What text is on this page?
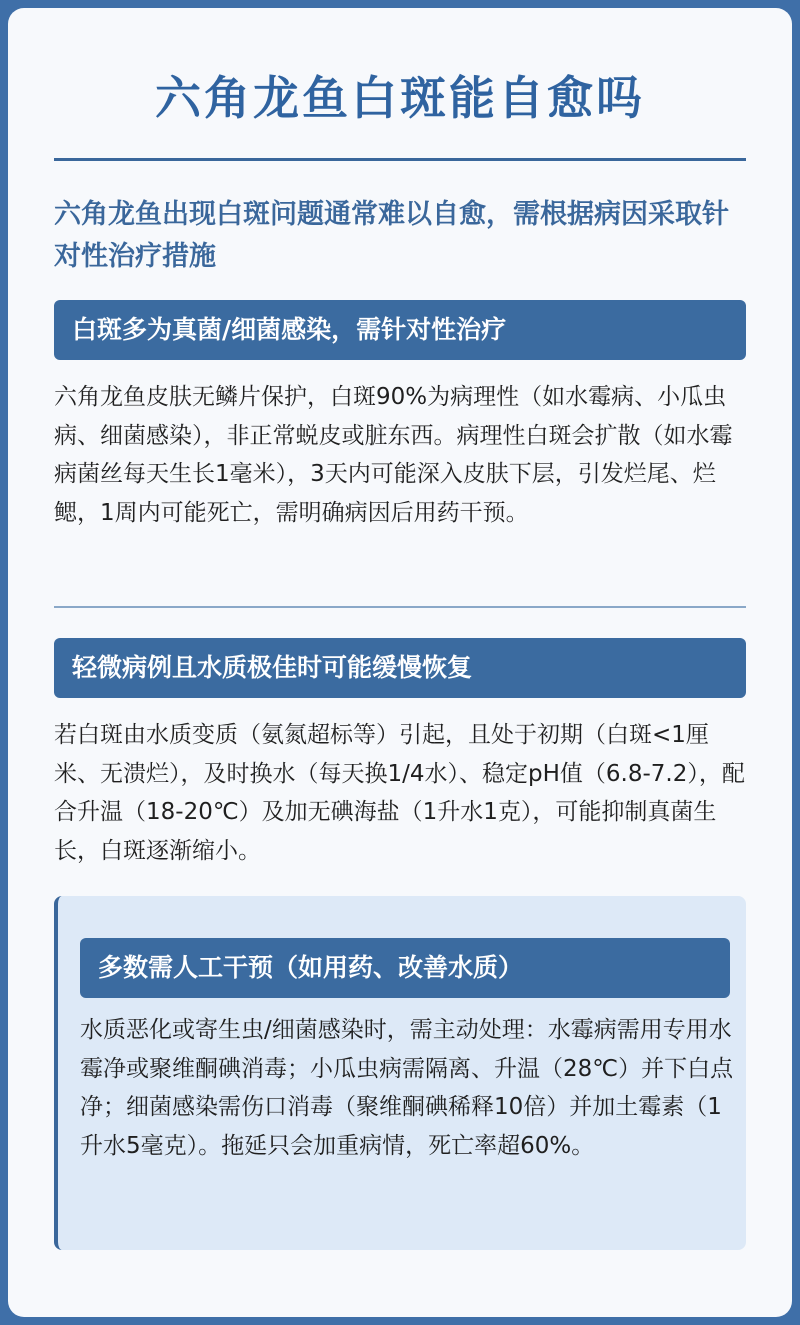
六角龙鱼白斑能自愈吗
六角龙鱼出现白斑问题通常难以自愈，需根据病因采取针对性治疗措施
白斑多为真菌/细菌感染，需针对性治疗
六角龙鱼皮肤无鳞片保护，白斑90%为病理性（如水霉病、小瓜虫病、细菌感染），非正常蜕皮或脏东西。病理性白斑会扩散（如水霉病菌丝每天生长1毫米），3天内可能深入皮肤下层，引发烂尾、烂鳃，1周内可能死亡，需明确病因后用药干预。
轻微病例且水质极佳时可能缓慢恢复
若白斑由水质变质（氨氮超标等）引起，且处于初期（白斑<1厘米、无溃烂），及时换水（每天换1/4水）、稳定pH值（6.8-7.2），配合升温（18-20℃）及加无碘海盐（1升水1克），可能抑制真菌生长，白斑逐渐缩小。
多数需人工干预（如用药、改善水质）
水质恶化或寄生虫/细菌感染时，需主动处理：水霉病需用专用水霉净或聚维酮碘消毒；小瓜虫病需隔离、升温（28℃）并下白点净；细菌感染需伤口消毒（聚维酮碘稀释10倍）并加土霉素（1升水5毫克）。拖延只会加重病情，死亡率超60%。
